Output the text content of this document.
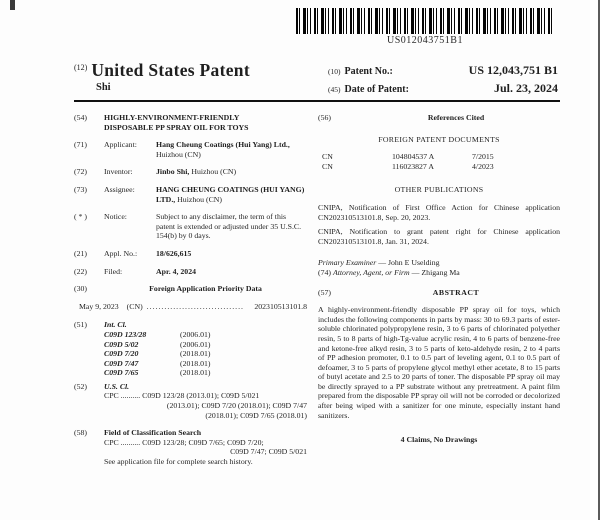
US012043751B1
$^{(12)}$ United States Patent
Shi
(10) Patent No.:	US 12,043,751 B1
(45) Date of Patent:	Jul. 23, 2024
(54)	HIGHLY-ENVIRONMENT-FRIENDLY DISPOSABLE PP SPRAY OIL FOR TOYS
(71)	Applicant:	Hang Cheung Coatings (Hui Yang) Ltd., Huizhou (CN)
(72)	Inventor:	Jinbo Shi, Huizhou (CN)
(73)	Assignee:	HANG CHEUNG COATINGS (HUI YANG) LTD., Huizhou (CN)
( * )	Notice:	Subject to any disclaimer, the term of this patent is extended or adjusted under 35 U.S.C. 154(b) by 0 days.
(21)	Appl. No.:	18/626,615
(22)	Filed:	Apr. 4, 2024
(30)	Foreign Application Priority Data
May 9, 2023 (CN) .................................	202310513101.8
(51)	Int. Cl.
C09D 123/28	(2006.01)
C09D 5/02	(2006.01)
C09D 7/20	(2018.01)
C09D 7/47	(2018.01)
C09D 7/65	(2018.01)
(52)	U.S. Cl.
CPC .......... C09D 123/28 (2013.01); C09D 5/021
(2013.01); C09D 7/20 (2018.01); C09D 7/47
(2018.01); C09D 7/65 (2018.01)
(58)	Field of Classification Search
CPC .......... C09D 123/28; C09D 7/65; C09D 7/20;
C09D 7/47; C09D 5/021
See application file for complete search history.
(56)	References Cited
FOREIGN PATENT DOCUMENTS
CN	104804537 A	7/2015
CN	116023827 A	4/2023
OTHER PUBLICATIONS
CNIPA, Notification of First Office Action for Chinese application CN202310513101.8, Sep. 20, 2023.
CNIPA, Notification to grant patent right for Chinese application CN202310513101.8, Jan. 31, 2024.
Primary Examiner — John E Uselding
(74) Attorney, Agent, or Firm — Zhigang Ma
(57)	ABSTRACT
A highly-environment-friendly disposable PP spray oil for toys, which includes the following components in parts by mass: 30 to 69.3 parts of ester-soluble chlorinated polypropylene resin, 3 to 6 parts of chlorinated polyether resin, 5 to 8 parts of high-Tg-value acrylic resin, 4 to 6 parts of benzene-free and ketone-free alkyd resin, 3 to 5 parts of keto-aldehyde resin, 2 to 4 parts of PP adhesion promoter, 0.1 to 0.5 part of leveling agent, 0.1 to 0.5 part of defoamer, 3 to 5 parts of propylene glycol methyl ether acetate, 8 to 15 parts of butyl acetate and 2.5 to 20 parts of toner. The disposable PP spray oil may be directly sprayed to a PP substrate without any pretreatment. A paint film prepared from the disposable PP spray oil will not be corroded or decolorized after being wiped with a sanitizer for one minute, especially instant hand sanitizers.
4 Claims, No Drawings
